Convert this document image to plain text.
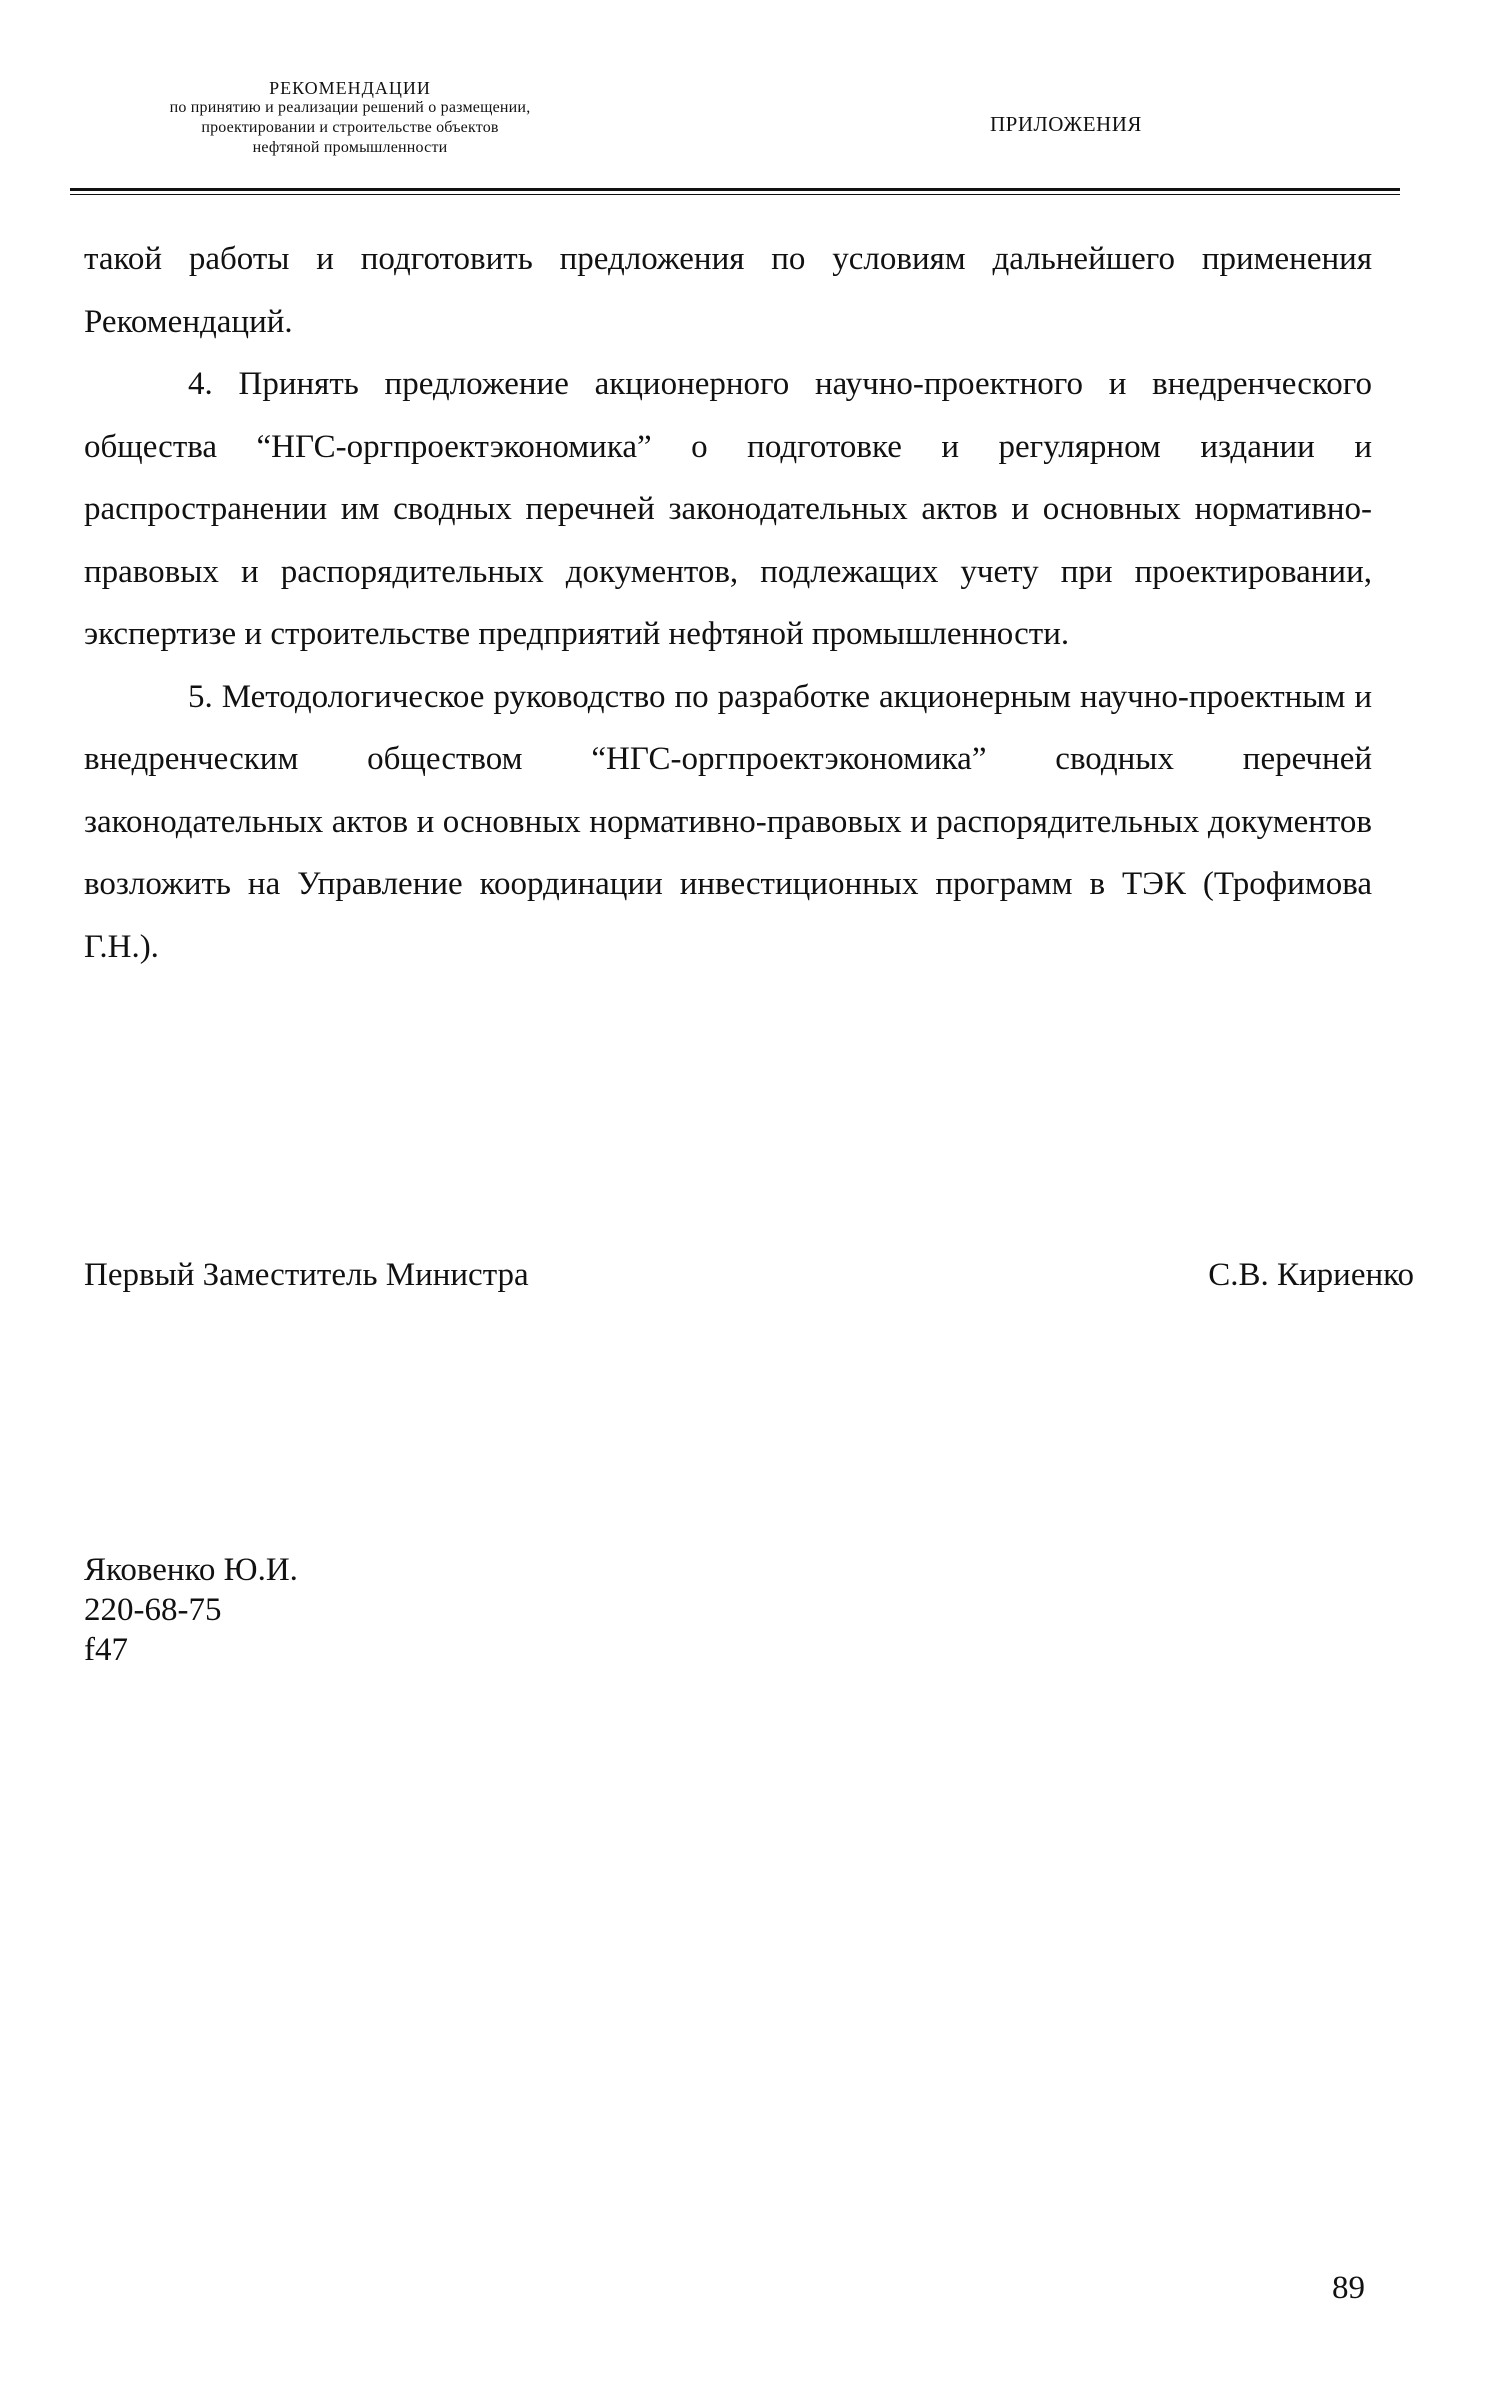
РЕКОМЕНДАЦИИ
по принятию и реализации решений о размещении,
проектировании и строительстве объектов
нефтяной промышленности
ПРИЛОЖЕНИЯ

такой работы и подготовить предложения по условиям дальнейшего применения Рекомендаций.

4. Принять предложение акционерного научно-проектного и внедренческого общества “НГС-оргпроектэкономика” о подготовке и регулярном издании и распространении им сводных перечней законодательных актов и основных нормативно-правовых и распорядительных документов, подлежащих учету при проектировании, экспертизе и строительстве предприятий нефтяной промышленности.

5. Методологическое руководство по разработке акционерным научно-проектным и внедренческим обществом “НГС-оргпроектэкономика” сводных перечней законодательных актов и основных нормативно-правовых и распорядительных документов возложить на Управление координации инвестиционных программ в ТЭК (Трофимова Г.Н.).

Первый Заместитель Министра	С.В. Кириенко
Яковенко Ю.И.
220-68-75
f47
89
